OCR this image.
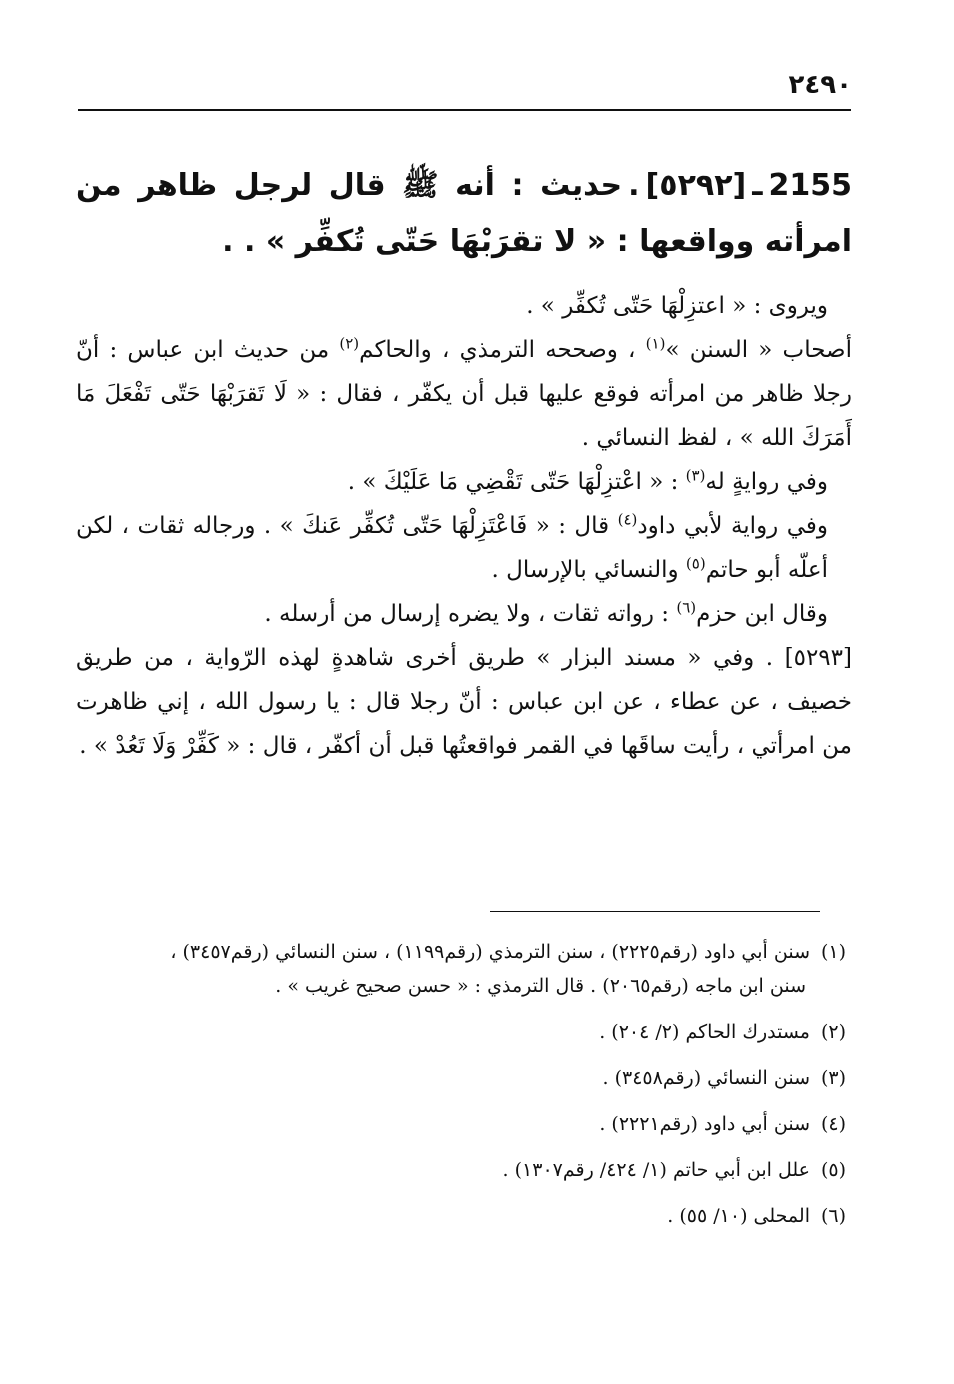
٢٤٩٠
2155ـ[٥٢٩٢].حديث : أنه ﷺ قال لرجل ظاهر من امرأته وواقعها : « لا تقرَبْهَا حَتّى تُكفِّر » . .
ويروى : « اعتزِلْهَا حَتّى تُكفِّر » .
أصحاب « السنن »$^{(١)}$ ، وصححه الترمذي ، والحاكم$^{(٢)}$ من حديث ابن عباس : أنّ رجلا ظاهر من امرأته فوقع عليها قبل أن يكفّر ، فقال : « لَا تَقرَبْهَا حَتّى تَفْعَلَ مَا أَمَرَكَ الله » ، لفظ النسائي .
وفي روايةٍ له$^{(٣)}$ : « اعْتزِلْهَا حَتّى تَقْضِي مَا عَلَيْكَ » .
وفي رواية لأبي داود$^{(٤)}$ قال : « فَاعْتَزِلْهَا حَتّى تُكفِّر عَنكَ » . ورجاله ثقات ، لكن أعلّه أبو حاتم$^{(٥)}$ والنسائي بالإرسال .
وقال ابن حزم$^{(٦)}$ : رواته ثقات ، ولا يضره إرسال من أرسله .
[٥٢٩٣] . وفي « مسند البزار » طريق أخرى شاهدةٍ لهذه الرّواية ، من طريق خصيف ، عن عطاء ، عن ابن عباس : أنّ رجلا قال : يا رسول الله ، إني ظاهرت من امرأتي ، رأيت ساقَها في القمر فواقعتُها قبل أن أكفّر ، قال : « كَفِّرْ وَلَا تَعُدْ » .
(١)سنن أبي داود (رقم٢٢٢٥) ، سنن الترمذي (رقم١١٩٩) ، سنن النسائي (رقم٣٤٥٧) ،
سنن ابن ماجه (رقم٢٠٦٥) . قال الترمذي : « حسن صحيح غريب » .
(٢)مستدرك الحاكم (٢/ ٢٠٤) .
(٣)سنن النسائي (رقم٣٤٥٨) .
(٤)سنن أبي داود (رقم٢٢٢١) .
(٥)علل ابن أبي حاتم (١/ ٤٢٤/ رقم١٣٠٧) .
(٦)المحلى (١٠/ ٥٥) .
